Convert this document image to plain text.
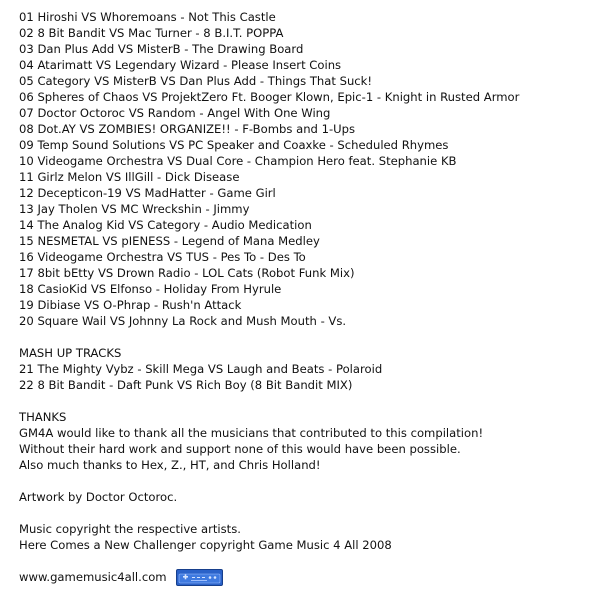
01 Hiroshi VS Whoremoans - Not This Castle
02 8 Bit Bandit VS Mac Turner - 8 B.I.T. POPPA
03 Dan Plus Add VS MisterB - The Drawing Board
04 Atarimatt VS Legendary Wizard - Please Insert Coins
05 Category VS MisterB VS Dan Plus Add - Things That Suck!
06 Spheres of Chaos VS ProjektZero Ft. Booger Klown, Epic-1 - Knight in Rusted Armor
07 Doctor Octoroc VS Random - Angel With One Wing
08 Dot.AY VS ZOMBIES! ORGANIZE!! - F-Bombs and 1-Ups
09 Temp Sound Solutions VS PC Speaker and Coaxke - Scheduled Rhymes
10 Videogame Orchestra VS Dual Core - Champion Hero feat. Stephanie KB
11 Girlz Melon VS IllGill - Dick Disease
12 Decepticon-19 VS MadHatter - Game Girl
13 Jay Tholen VS MC Wreckshin - Jimmy
14 The Analog Kid VS Category - Audio Medication
15 NESMETAL VS pIENESS - Legend of Mana Medley
16 Videogame Orchestra VS TUS - Pes To - Des To
17 8bit bEtty VS Drown Radio - LOL Cats (Robot Funk Mix)
18 CasioKid VS Elfonso - Holiday From Hyrule
19 Dibiase VS O-Phrap - Rush'n Attack
20 Square Wail VS Johnny La Rock and Mush Mouth - Vs.
MASH UP TRACKS
21 The Mighty Vybz - Skill Mega VS Laugh and Beats - Polaroid
22 8 Bit Bandit - Daft Punk VS Rich Boy (8 Bit Bandit MIX)
THANKS
GM4A would like to thank all the musicians that contributed to this compilation!
Without their hard work and support none of this would have been possible.
Also much thanks to Hex, Z., HT, and Chris Holland!
Artwork by Doctor Octoroc.
Music copyright the respective artists.
Here Comes a New Challenger copyright Game Music 4 All 2008
www.gamemusic4all.com
